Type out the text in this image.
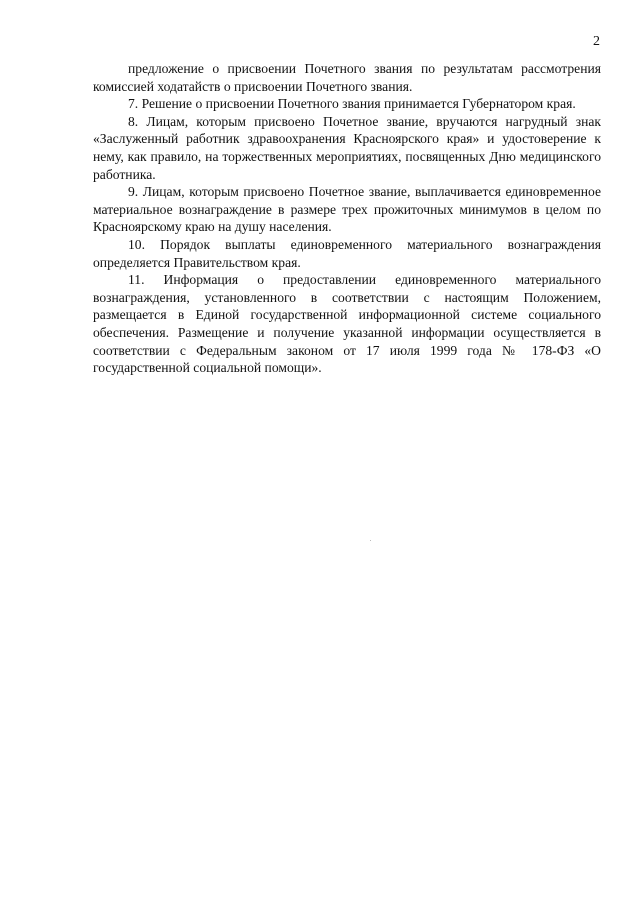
2

предложение о присвоении Почетного звания по результатам рассмотрения комиссией ходатайств о присвоении Почетного звания.

7. Решение о присвоении Почетного звания принимается Губернатором края.

8. Лицам, которым присвоено Почетное звание, вручаются нагрудный знак «Заслуженный работник здравоохранения Красноярского края» и удостоверение к нему, как правило, на торжественных мероприятиях, посвященных Дню медицинского работника.

9. Лицам, которым присвоено Почетное звание, выплачивается единовременное материальное вознаграждение в размере трех прожиточных минимумов в целом по Красноярскому краю на душу населения.

10. Порядок выплаты единовременного материального вознаграждения определяется Правительством края.

11. Информация о предоставлении единовременного материального вознаграждения, установленного в соответствии с настоящим Положением, размещается в Единой государственной информационной системе социального обеспечения. Размещение и получение указанной информации осуществляется в соответствии с Федеральным законом от 17 июля 1999 года № 178-ФЗ «О государственной социальной помощи».
